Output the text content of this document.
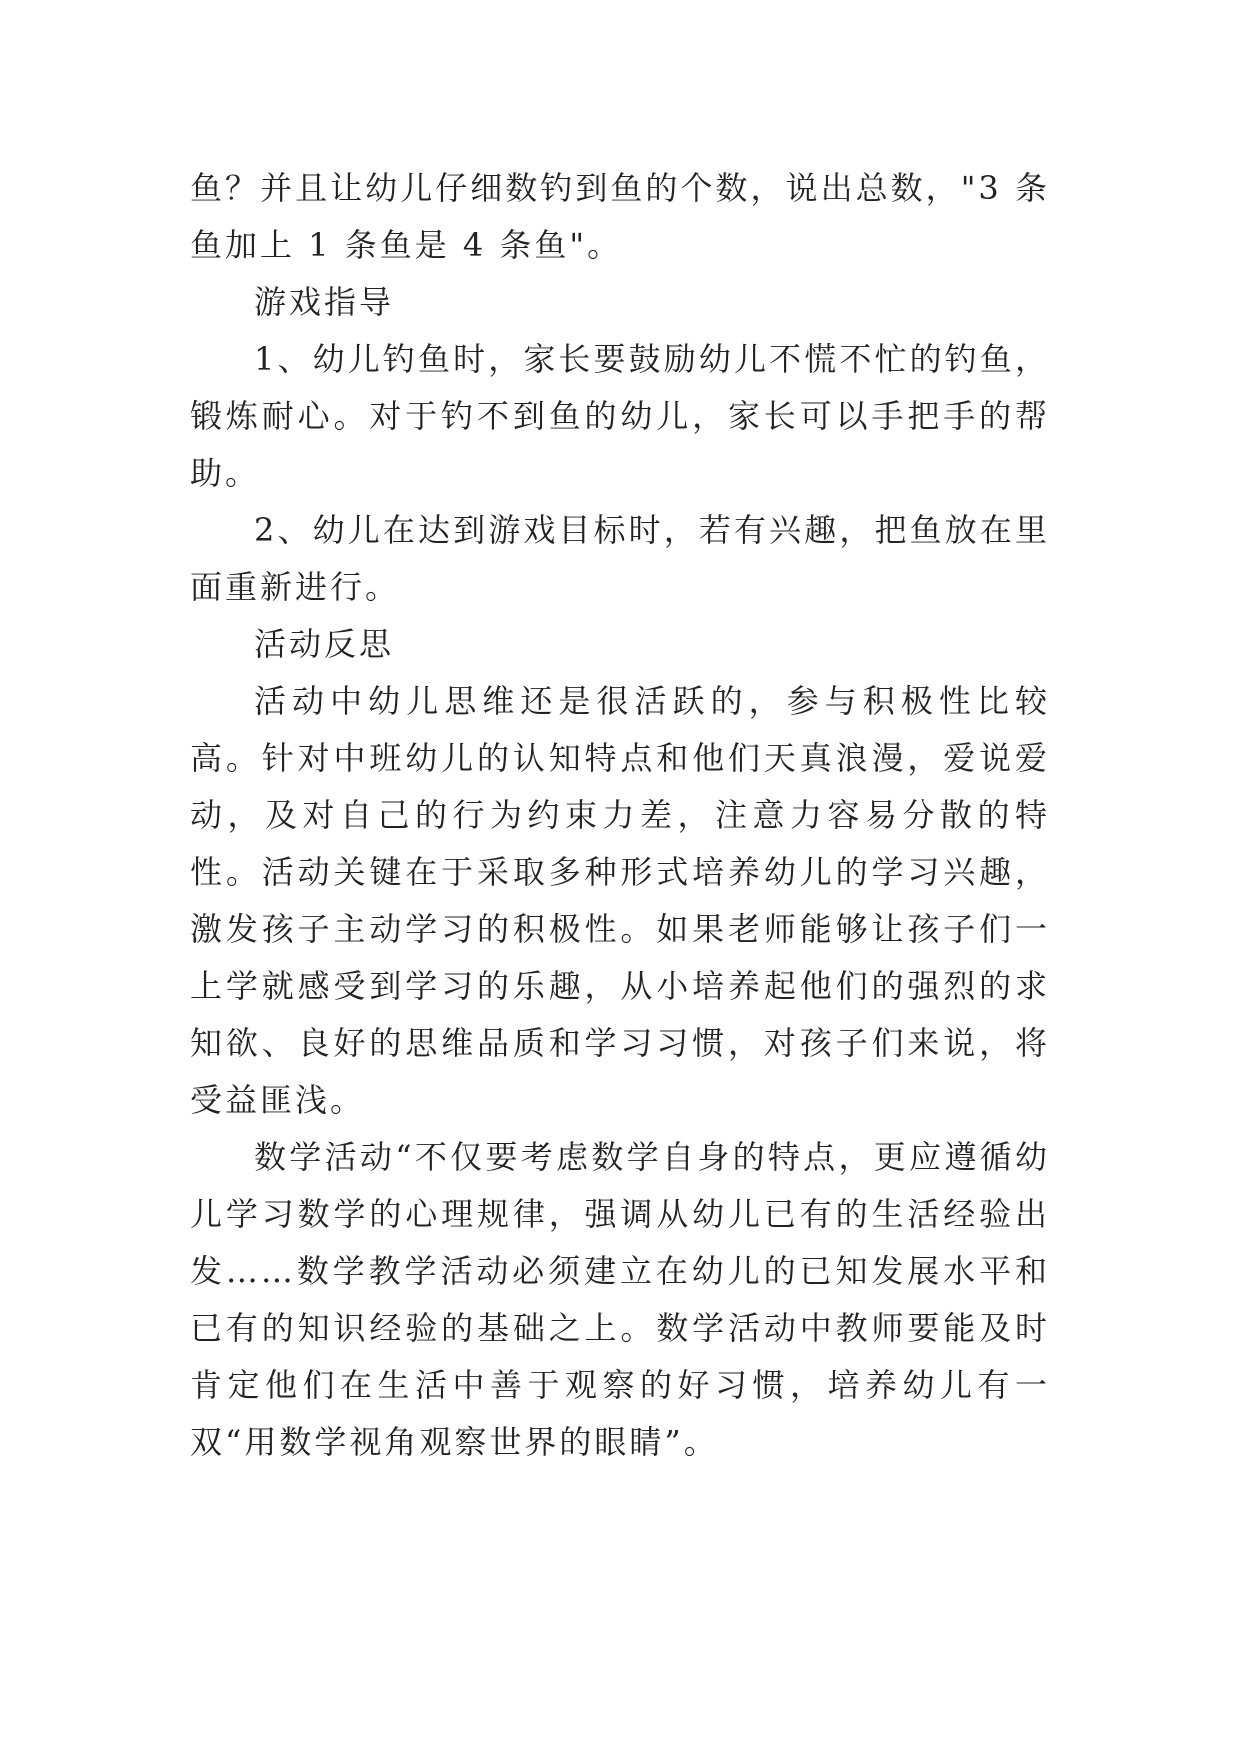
鱼？并且让幼儿仔细数钓到鱼的个数，说出总数，"3 条鱼加上 1 条鱼是 4 条鱼"。

游戏指导

1、幼儿钓鱼时，家长要鼓励幼儿不慌不忙的钓鱼，锻炼耐心。对于钓不到鱼的幼儿，家长可以手把手的帮助。

2、幼儿在达到游戏目标时，若有兴趣，把鱼放在里面重新进行。

活动反思

活动中幼儿思维还是很活跃的，参与积极性比较高。针对中班幼儿的认知特点和他们天真浪漫，爱说爱动，及对自己的行为约束力差，注意力容易分散的特性。活动关键在于采取多种形式培养幼儿的学习兴趣，激发孩子主动学习的积极性。如果老师能够让孩子们一上学就感受到学习的乐趣，从小培养起他们的强烈的求知欲、良好的思维品质和学习习惯，对孩子们来说，将受益匪浅。

数学活动“不仅要考虑数学自身的特点，更应遵循幼儿学习数学的心理规律，强调从幼儿已有的生活经验出发……数学教学活动必须建立在幼儿的已知发展水平和已有的知识经验的基础之上。数学活动中教师要能及时肯定他们在生活中善于观察的好习惯，培养幼儿有一双“用数学视角观察世界的眼睛”。
